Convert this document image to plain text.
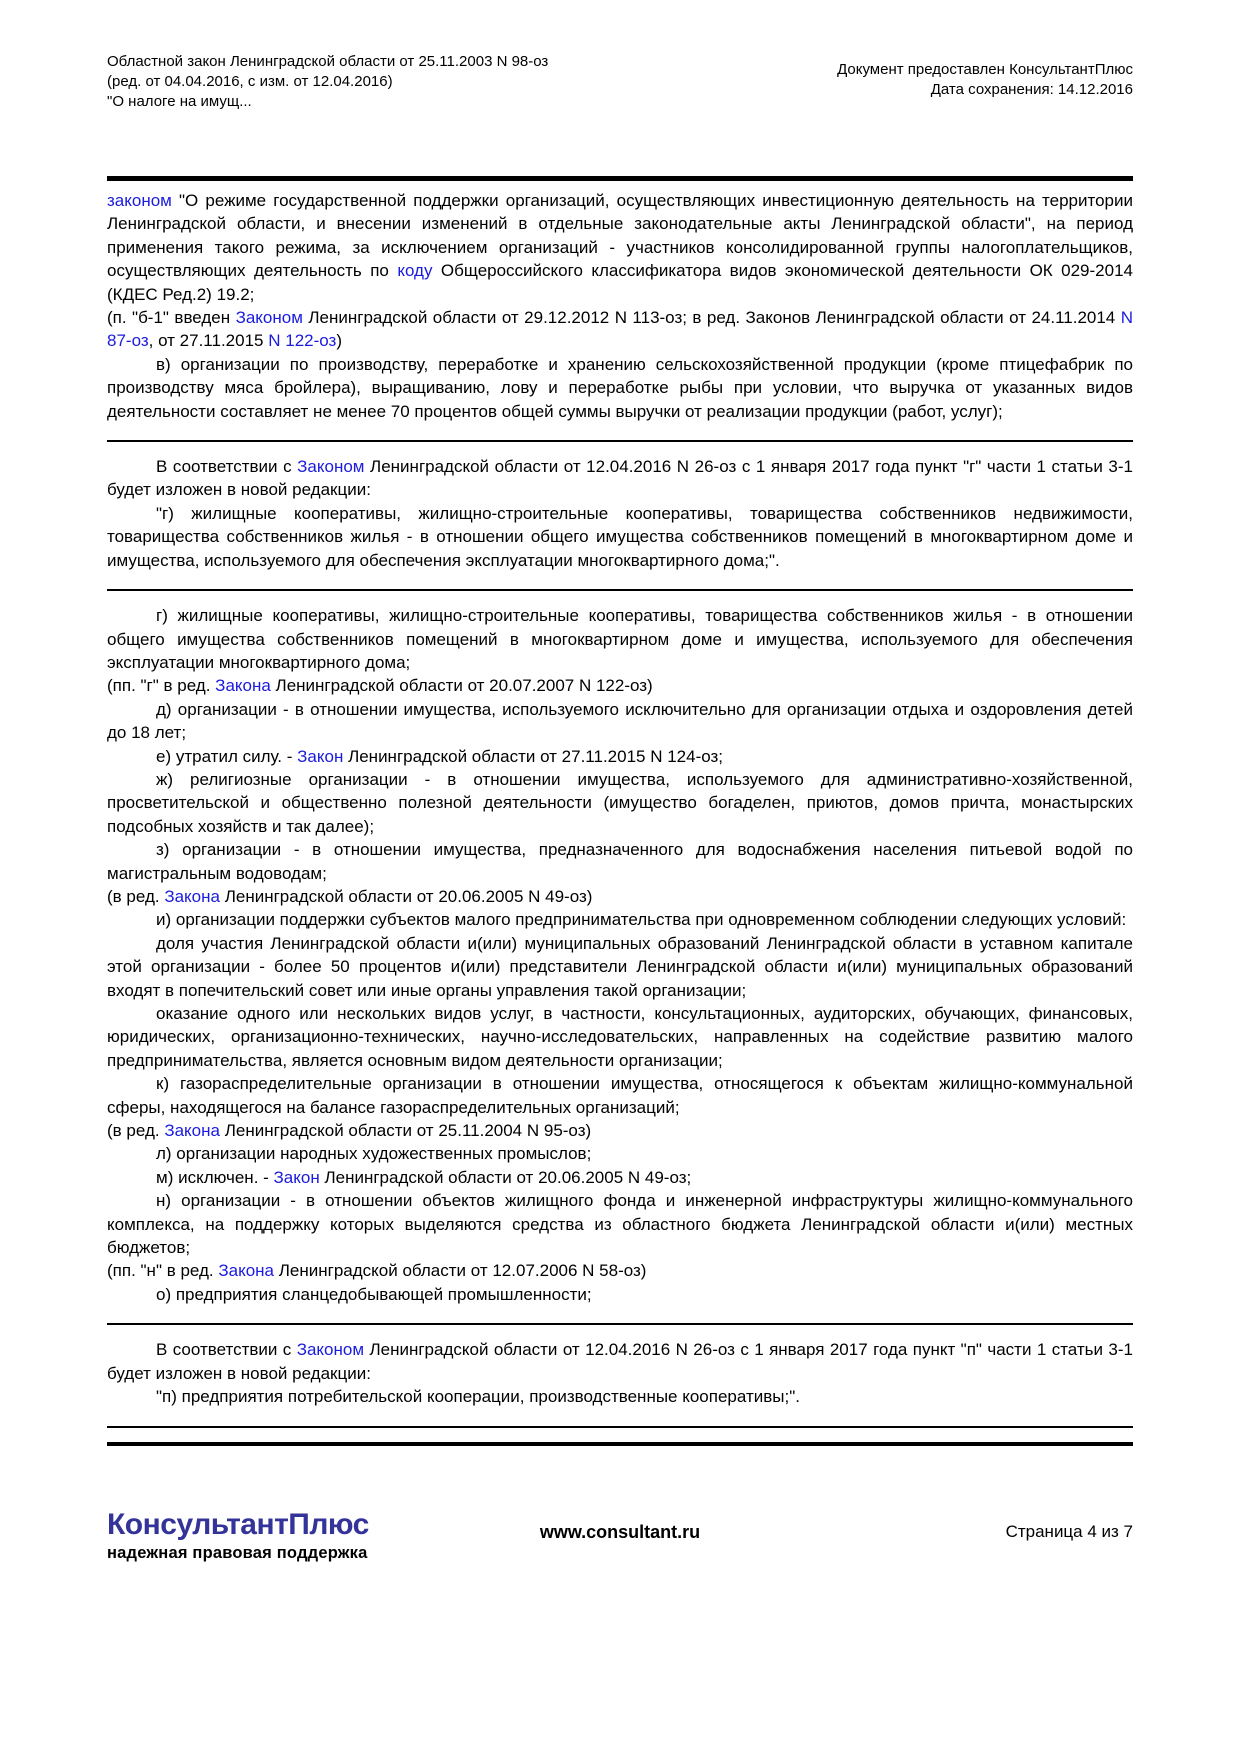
Областной закон Ленинградской области от 25.11.2003 N 98-оз
(ред. от 04.04.2016, с изм. от 12.04.2016)
"О налоге на имущ...
Документ предоставлен КонсультантПлюс
Дата сохранения: 14.12.2016

законом "О режиме государственной поддержки организаций, осуществляющих инвестиционную деятельность на территории Ленинградской области, и внесении изменений в отдельные законодательные акты Ленинградской области", на период применения такого режима, за исключением организаций - участников консолидированной группы налогоплательщиков, осуществляющих деятельность по коду Общероссийского классификатора видов экономической деятельности ОК 029-2014 (КДЕС Ред.2) 19.2;

(п. "б-1" введен Законом Ленинградской области от 29.12.2012 N 113-оз; в ред. Законов Ленинградской области от 24.11.2014 N 87-оз, от 27.11.2015 N 122-оз)

в) организации по производству, переработке и хранению сельскохозяйственной продукции (кроме птицефабрик по производству мяса бройлера), выращиванию, лову и переработке рыбы при условии, что выручка от указанных видов деятельности составляет не менее 70 процентов общей суммы выручки от реализации продукции (работ, услуг);

В соответствии с Законом Ленинградской области от 12.04.2016 N 26-оз с 1 января 2017 года пункт "г" части 1 статьи 3-1 будет изложен в новой редакции:

"г) жилищные кооперативы, жилищно-строительные кооперативы, товарищества собственников недвижимости, товарищества собственников жилья - в отношении общего имущества собственников помещений в многоквартирном доме и имущества, используемого для обеспечения эксплуатации многоквартирного дома;".

г) жилищные кооперативы, жилищно-строительные кооперативы, товарищества собственников жилья - в отношении общего имущества собственников помещений в многоквартирном доме и имущества, используемого для обеспечения эксплуатации многоквартирного дома;

(пп. "г" в ред. Закона Ленинградской области от 20.07.2007 N 122-оз)

д) организации - в отношении имущества, используемого исключительно для организации отдыха и оздоровления детей до 18 лет;

е) утратил силу. - Закон Ленинградской области от 27.11.2015 N 124-оз;

ж) религиозные организации - в отношении имущества, используемого для административно-хозяйственной, просветительской и общественно полезной деятельности (имущество богаделен, приютов, домов причта, монастырских подсобных хозяйств и так далее);

з) организации - в отношении имущества, предназначенного для водоснабжения населения питьевой водой по магистральным водоводам;

(в ред. Закона Ленинградской области от 20.06.2005 N 49-оз)

и) организации поддержки субъектов малого предпринимательства при одновременном соблюдении следующих условий:

доля участия Ленинградской области и(или) муниципальных образований Ленинградской области в уставном капитале этой организации - более 50 процентов и(или) представители Ленинградской области и(или) муниципальных образований входят в попечительский совет или иные органы управления такой организации;

оказание одного или нескольких видов услуг, в частности, консультационных, аудиторских, обучающих, финансовых, юридических, организационно-технических, научно-исследовательских, направленных на содействие развитию малого предпринимательства, является основным видом деятельности организации;

к) газораспределительные организации в отношении имущества, относящегося к объектам жилищно-коммунальной сферы, находящегося на балансе газораспределительных организаций;

(в ред. Закона Ленинградской области от 25.11.2004 N 95-оз)

л) организации народных художественных промыслов;

м) исключен. - Закон Ленинградской области от 20.06.2005 N 49-оз;

н) организации - в отношении объектов жилищного фонда и инженерной инфраструктуры жилищно-коммунального комплекса, на поддержку которых выделяются средства из областного бюджета Ленинградской области и(или) местных бюджетов;

(пп. "н" в ред. Закона Ленинградской области от 12.07.2006 N 58-оз)

о) предприятия сланцедобывающей промышленности;

В соответствии с Законом Ленинградской области от 12.04.2016 N 26-оз с 1 января 2017 года пункт "п" части 1 статьи 3-1 будет изложен в новой редакции:

"п) предприятия потребительской кооперации, производственные кооперативы;".

КонсультантПлюс
надежная правовая поддержка
www.consultant.ru	Страница 4 из 7
